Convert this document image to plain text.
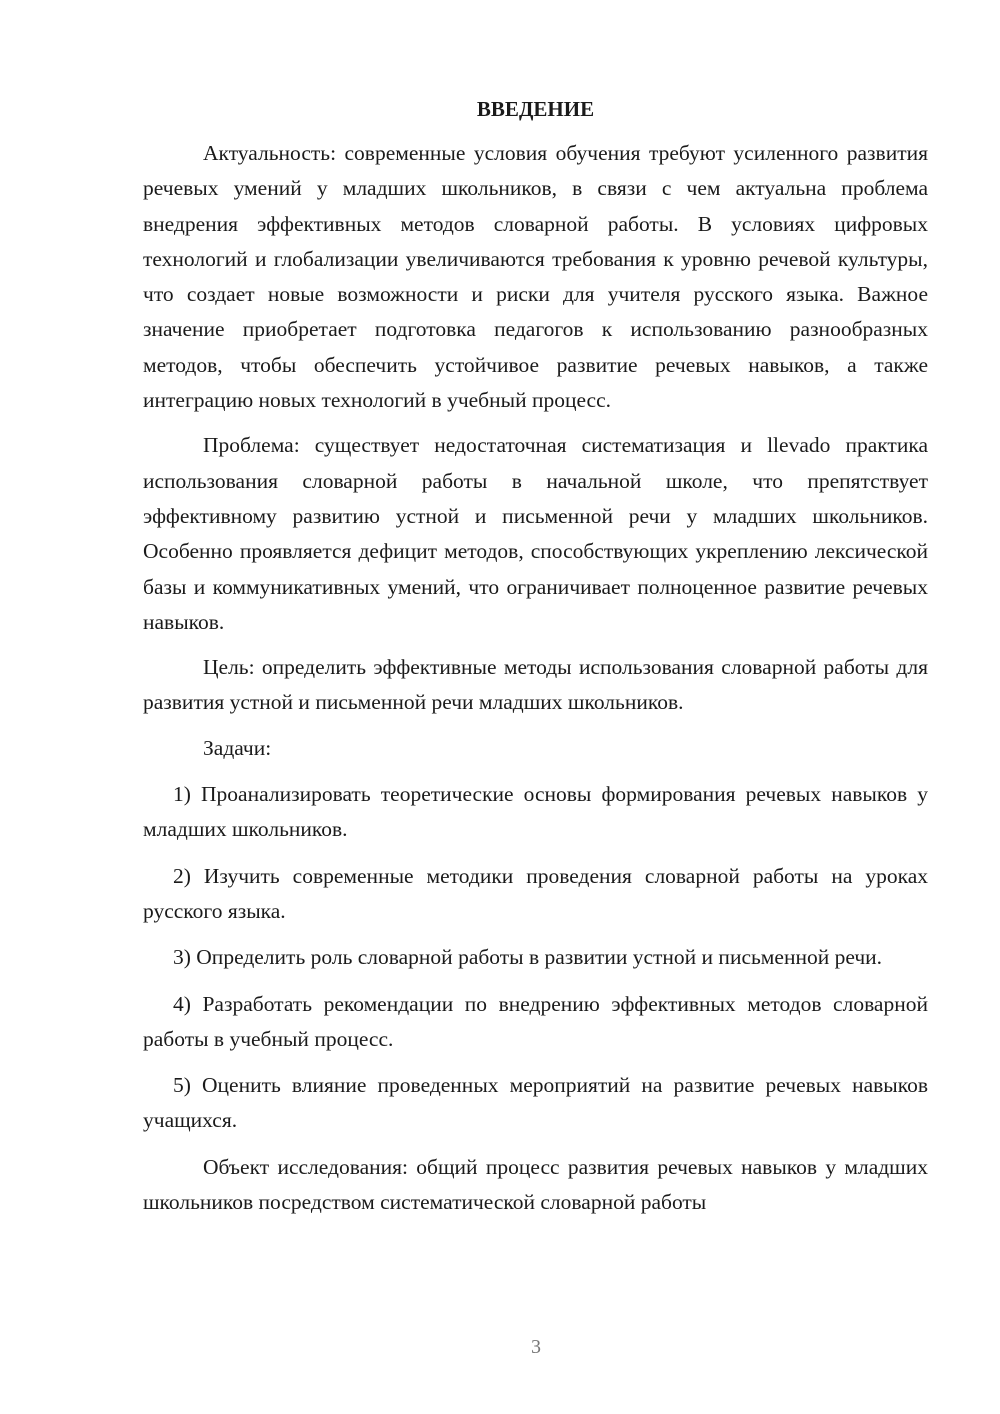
ВВЕДЕНИЕ

Актуальность: современные условия обучения требуют усиленного развития речевых умений у младших школьников, в связи с чем актуальна проблема внедрения эффективных методов словарной работы. В условиях цифровых технологий и глобализации увеличиваются требования к уровню речевой культуры, что создает новые возможности и риски для учителя русского языка. Важное значение приобретает подготовка педагогов к использованию разнообразных методов, чтобы обеспечить устойчивое развитие речевых навыков, а также интеграцию новых технологий в учебный процесс.

Проблема: существует недостаточная систематизация и llevado практика использования словарной работы в начальной школе, что препятствует эффективному развитию устной и письменной речи у младших школьников. Особенно проявляется дефицит методов, способствующих укреплению лексической базы и коммуникативных умений, что ограничивает полноценное развитие речевых навыков.

Цель: определить эффективные методы использования словарной работы для развития устной и письменной речи младших школьников.

Задачи:

1) Проанализировать теоретические основы формирования речевых навыков у младших школьников.

2) Изучить современные методики проведения словарной работы на уроках русского языка.

3) Определить роль словарной работы в развитии устной и письменной речи.

4) Разработать рекомендации по внедрению эффективных методов словарной работы в учебный процесс.

5) Оценить влияние проведенных мероприятий на развитие речевых навыков учащихся.

Объект исследования: общий процесс развития речевых навыков у младших школьников посредством систематической словарной работы

3
